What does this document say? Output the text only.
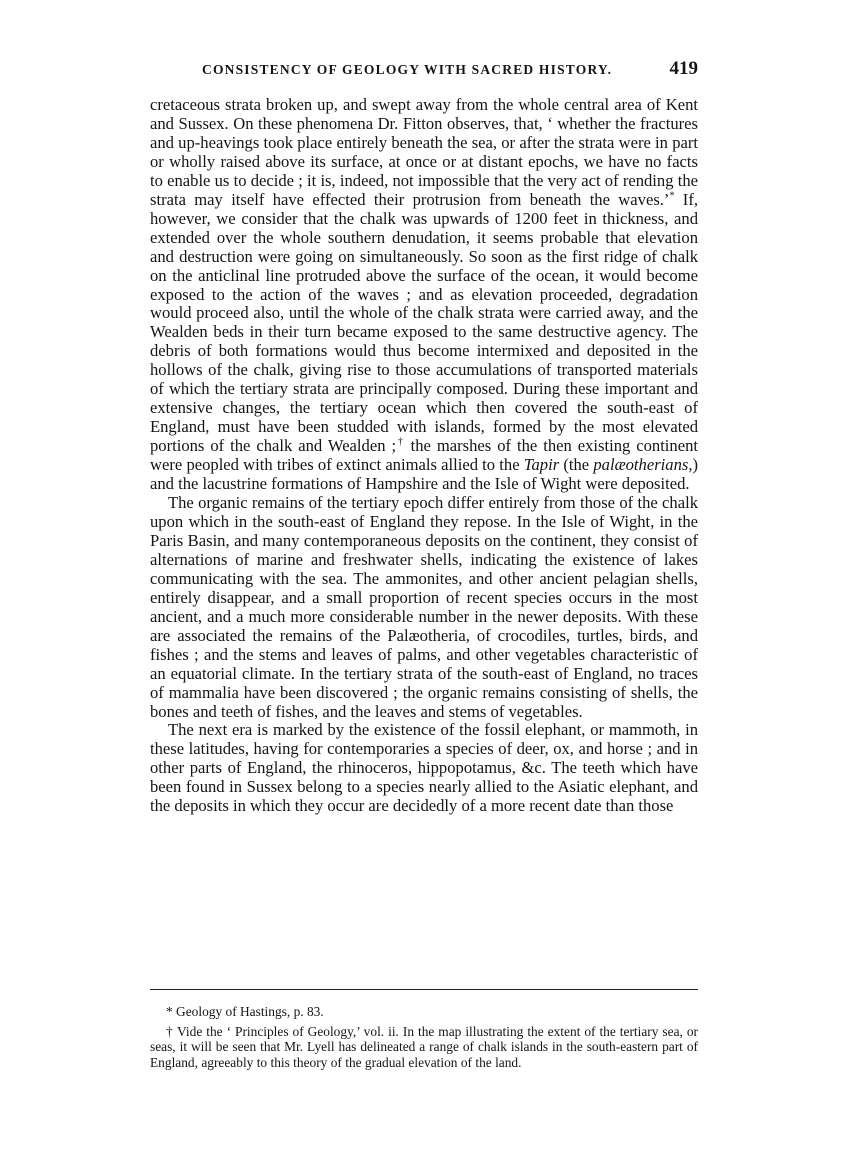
CONSISTENCY OF GEOLOGY WITH SACRED HISTORY.	419

cretaceous strata broken up, and swept away from the whole central area of Kent and Sussex. On these phenomena Dr. Fitton observes, that, ‘ whether the fractures and up-heavings took place entirely beneath the sea, or after the strata were in part or wholly raised above its surface, at once or at distant epochs, we have no facts to enable us to decide ; it is, indeed, not impossible that the very act of rending the strata may itself have effected their protrusion from beneath the waves.’* If, however, we consider that the chalk was upwards of 1200 feet in thickness, and extended over the whole southern denudation, it seems probable that elevation and destruction were going on simultaneously. So soon as the first ridge of chalk on the anticlinal line protruded above the surface of the ocean, it would become exposed to the action of the waves ; and as elevation proceeded, degradation would proceed also, until the whole of the chalk strata were carried away, and the Wealden beds in their turn became exposed to the same destructive agency. The debris of both formations would thus become intermixed and deposited in the hollows of the chalk, giving rise to those accumulations of transported materials of which the tertiary strata are principally composed. During these important and extensive changes, the tertiary ocean which then covered the south-east of England, must have been studded with islands, formed by the most elevated portions of the chalk and Wealden ;† the marshes of the then existing continent were peopled with tribes of extinct animals allied to the Tapir (the palæotherians,) and the lacustrine formations of Hampshire and the Isle of Wight were deposited.

The organic remains of the tertiary epoch differ entirely from those of the chalk upon which in the south-east of England they repose. In the Isle of Wight, in the Paris Basin, and many contemporaneous deposits on the continent, they consist of alternations of marine and freshwater shells, indicating the existence of lakes communicating with the sea. The ammonites, and other ancient pelagian shells, entirely disappear, and a small proportion of recent species occurs in the most ancient, and a much more considerable number in the newer deposits. With these are associated the remains of the Palæotheria, of crocodiles, turtles, birds, and fishes ; and the stems and leaves of palms, and other vegetables characteristic of an equatorial climate. In the tertiary strata of the south-east of England, no traces of mammalia have been discovered ; the organic remains consisting of shells, the bones and teeth of fishes, and the leaves and stems of vegetables.

The next era is marked by the existence of the fossil elephant, or mammoth, in these latitudes, having for contemporaries a species of deer, ox, and horse ; and in other parts of England, the rhinoceros, hippopotamus, &c. The teeth which have been found in Sussex belong to a species nearly allied to the Asiatic elephant, and the deposits in which they occur are decidedly of a more recent date than those

* Geology of Hastings, p. 83.

† Vide the ‘ Principles of Geology,’ vol. ii. In the map illustrating the extent of the tertiary sea, or seas, it will be seen that Mr. Lyell has delineated a range of chalk islands in the south-eastern part of England, agreeably to this theory of the gradual elevation of the land.
